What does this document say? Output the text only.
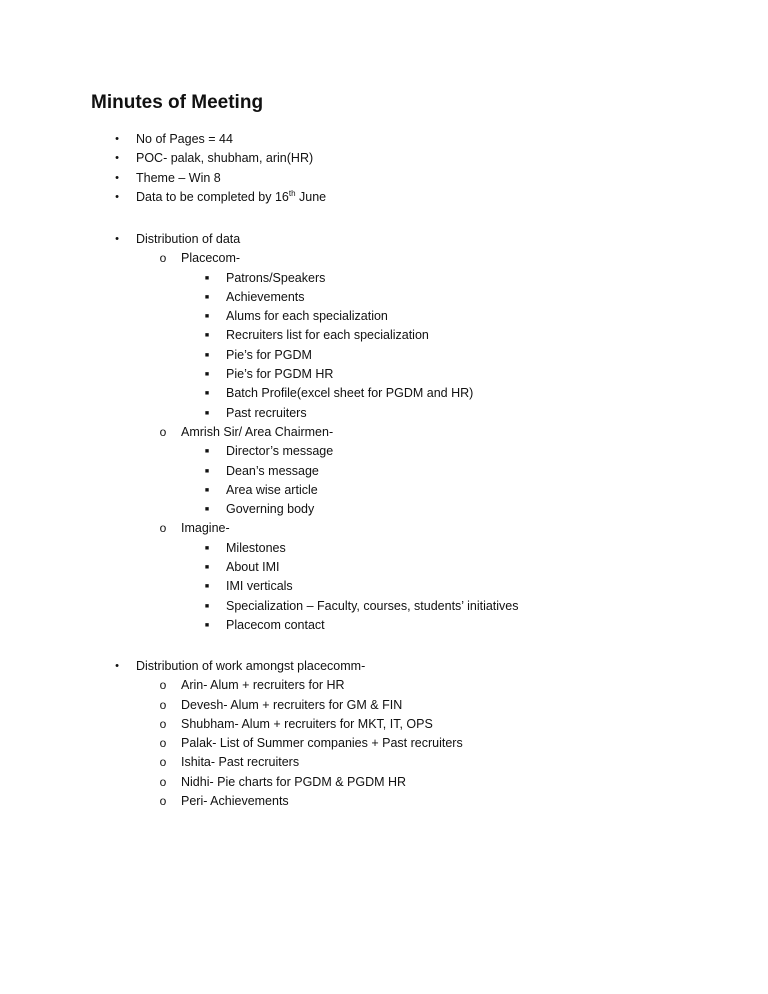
Minutes of Meeting
•	No of Pages = 44
•	POC- palak, shubham, arin(HR)
•	Theme – Win 8
•	Data to be completed by 16th June
•	Distribution of data
o Placecom-
■	Patrons/Speakers
■	Achievements
■	Alums for each specialization
■	Recruiters list for each specialization
■	Pie’s for PGDM
■	Pie’s for PGDM HR
■	Batch Profile(excel sheet for PGDM and HR)
■	Past recruiters
o Amrish Sir/ Area Chairmen-
■	Director’s message
■	Dean’s message
■	Area wise article
■	Governing body
o Imagine-
■	Milestones
■	About IMI
■	IMI verticals
■	Specialization – Faculty, courses, students’ initiatives
■	Placecom contact
•	Distribution of work amongst placecomm-
o Arin- Alum + recruiters for HR
o Devesh- Alum + recruiters for GM & FIN
o Shubham- Alum + recruiters for MKT, IT, OPS
o Palak- List of Summer companies + Past recruiters
o Ishita- Past recruiters
o Nidhi- Pie charts for PGDM & PGDM HR
o Peri- Achievements
